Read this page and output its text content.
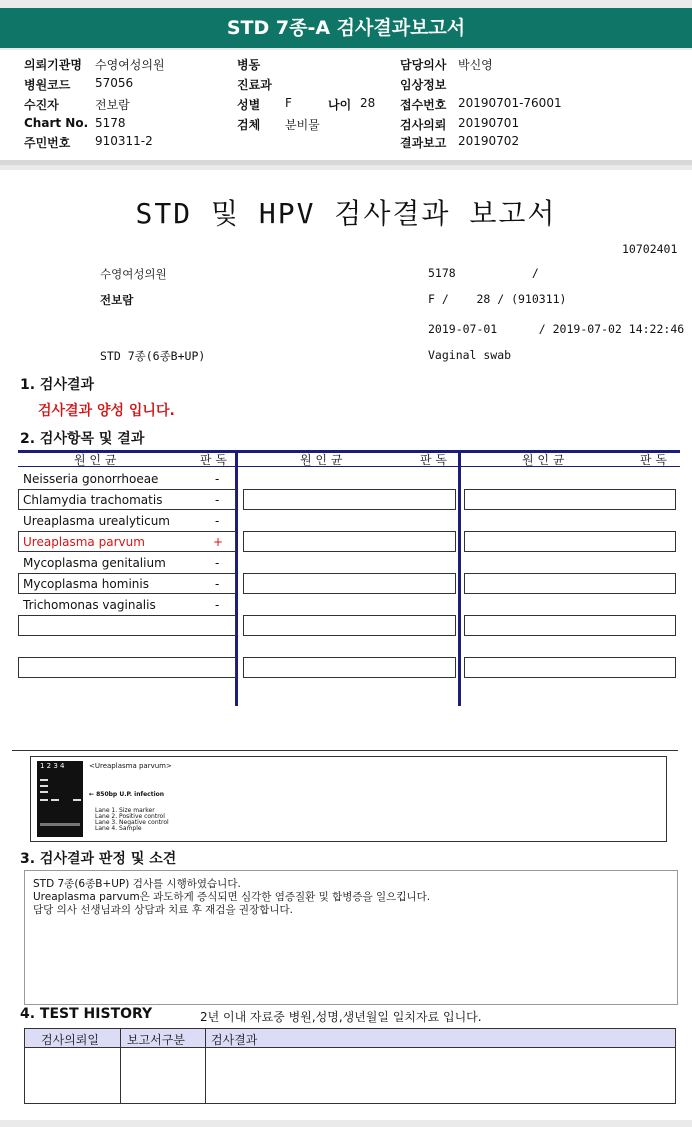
STD 7종-A 검사결과보고서
의뢰기관명 수영여성의원
병원코드 57056
수진자	전보람
Chart No. 5178
주민번호 910311-2
병동
진료과
성별 F	나이 28
검체 분비물
담당의사 박신영
임상정보
접수번호 20190701-76001
검사의뢰 20190701
결과보고 20190702
STD 및 HPV 검사결과 보고서
10702401
수영여성의원	5178           /
전보람	F /    28 / (910311)
2019-07-01      / 2019-07-02 14:22:46
STD 7종(6종B+UP)	Vaginal swab
1. 검사결과
검사결과 양성 입니다.
2. 검사항목 및 결과
원 인 균	판 독	원 인 균	판 독	원 인 균	판 독
Neisseria gonorrhoeae	-
Chlamydia trachomatis	-
Ureaplasma urealyticum	-
Ureaplasma parvum	+
Mycoplasma genitalium	-
Mycoplasma hominis	-
Trichomonas vaginalis	-
1 2 3 4	<Ureaplasma parvum>
← 850bp U.P. infection
Lane 1. Size marker
Lane 2. Positive control
Lane 3. Negative control
Lane 4. Sample
3. 검사결과 판정 및 소견
STD 7종(6종B+UP) 검사를 시행하였습니다.
Ureaplasma parvum은 과도하게 증식되면 심각한 염증질환 및 합병증을 일으킵니다.
담당 의사 선생님과의 상담과 치료 후 재검을 권장합니다.
4. TEST HISTORY	2년 이내 자료중 병원,성명,생년월일 일치자료 입니다.
검사의뢰일 보고서구분 검사결과
